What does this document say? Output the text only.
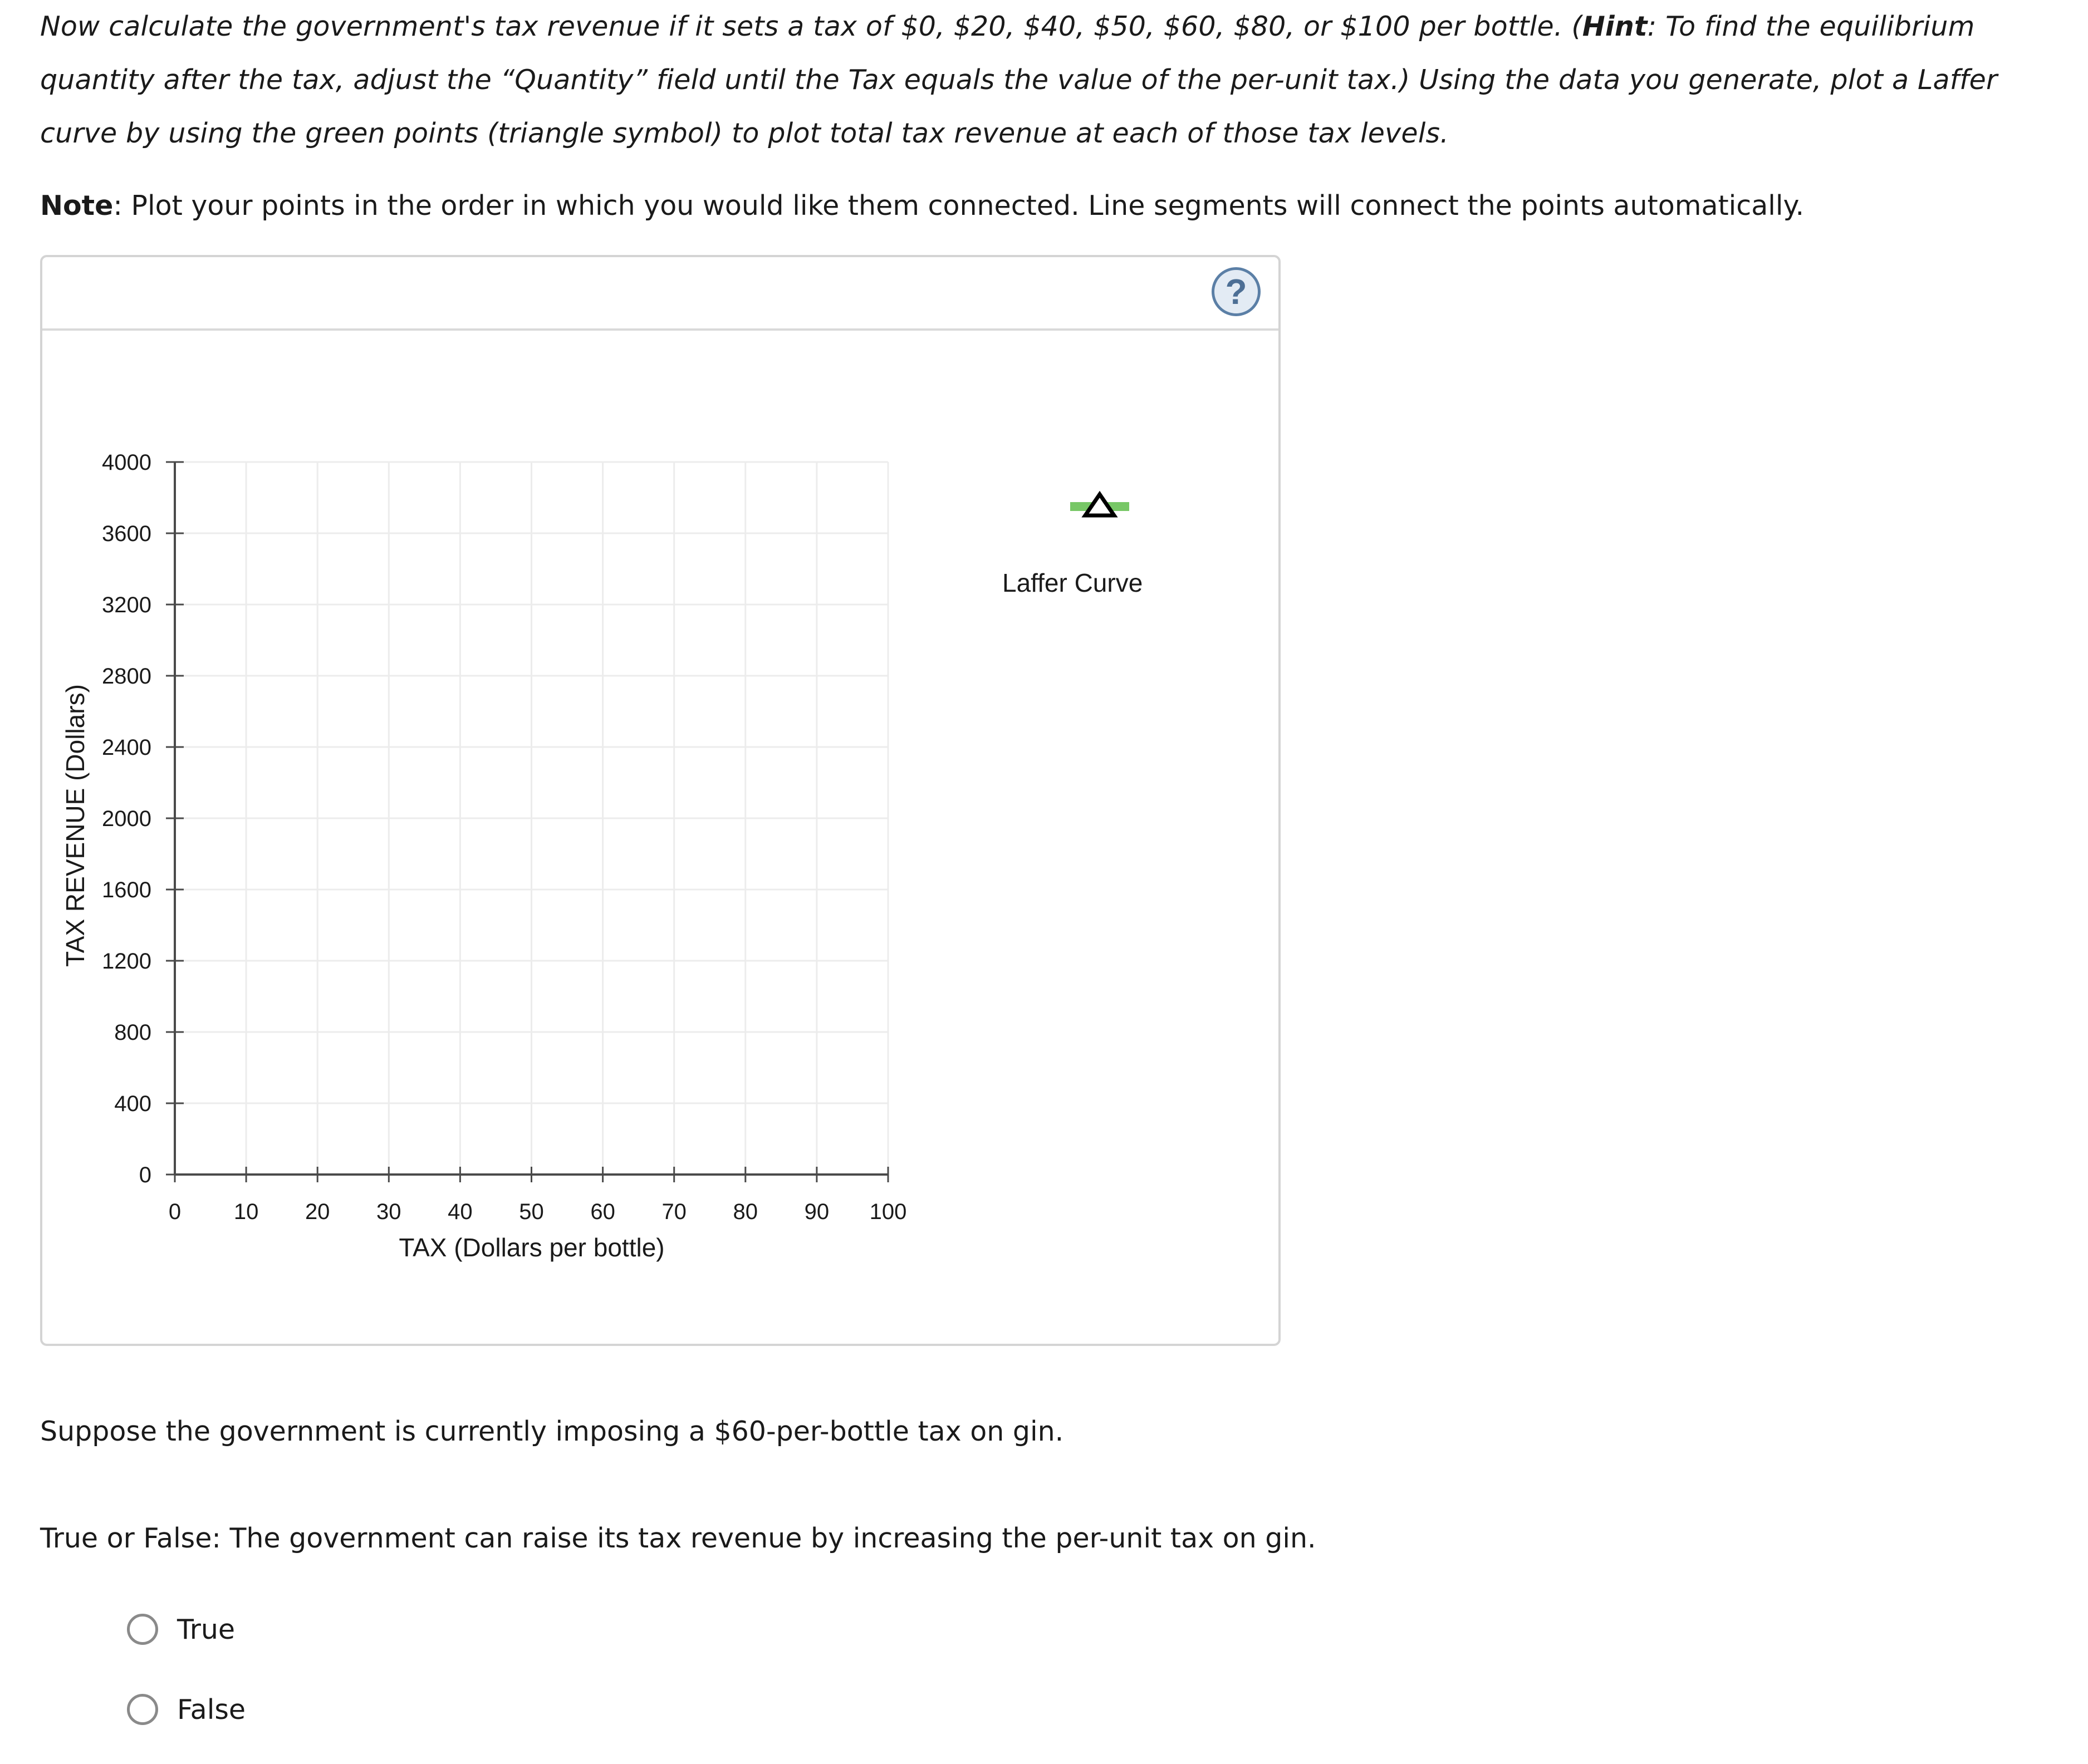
Now calculate the government's tax revenue if it sets a tax of $0, $20, $40, $50, $60, $80, or $100 per bottle. (Hint: To find the equilibrium quantity after the tax, adjust the “Quantity” field until the Tax equals the value of the per-unit tax.) Using the data you generate, plot a Laffer curve by using the green points (triangle symbol) to plot total tax revenue at each of those tax levels.
Note: Plot your points in the order in which you would like them connected. Line segments will connect the points automatically.
?
0 10 20 30 40 50 60 70 80 90 100
0
400
800
1200
1600
2000
2400
2800
3200
3600
4000
TAX (Dollars per bottle)
TAX REVENUE (Dollars)
Laffer Curve
Suppose the government is currently imposing a $60-per-bottle tax on gin.
True or False: The government can raise its tax revenue by increasing the per-unit tax on gin.
True
False
